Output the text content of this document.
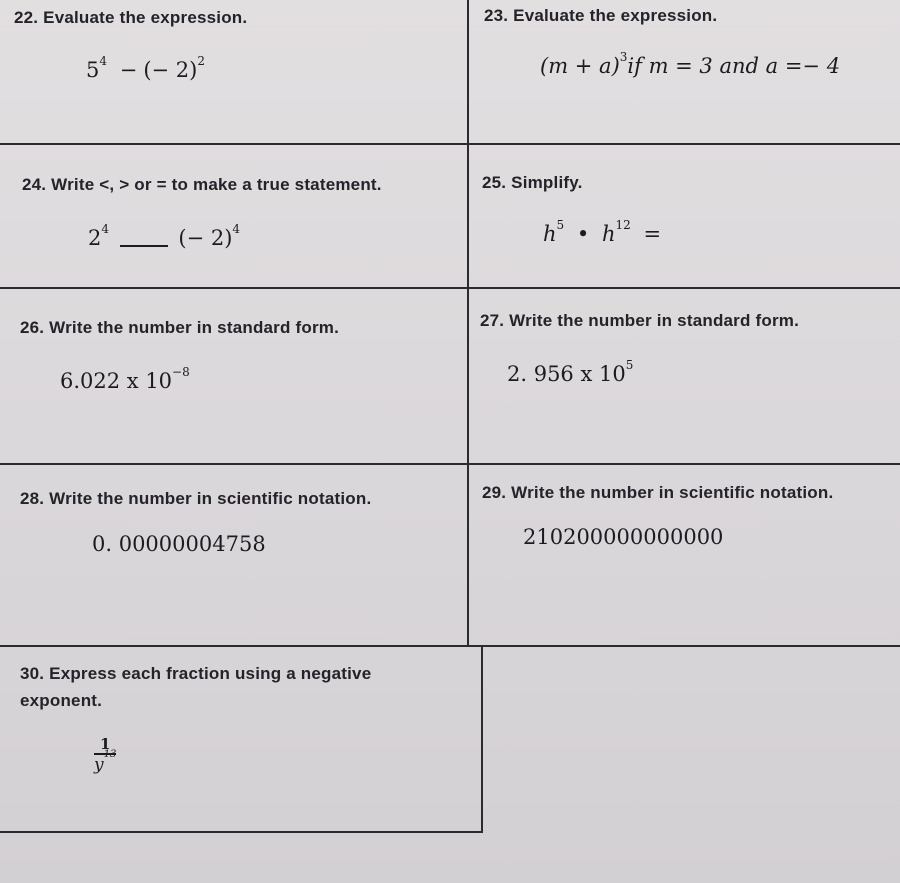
22. Evaluate the expression.
$5^4$ − (− 2)$^2$
23. Evaluate the expression.
$(m + a)^3if$ m = 3 and a =− 4
24. Write <, > or = to make a true statement.
$2^4$	(− 2)$^4$
25. Simplify.
$h^5$ • $h^{12}$ =
26. Write the number in standard form.
6.022 x $10^{-8}$
27. Write the number in standard form.
2. 956 x $10^5$
28. Write the number in scientific notation.
0. 00000004758
29. Write the number in scientific notation.
210200000000000
30. Express each fraction using a negative exponent.
$\frac{1}{y^{13}}$
